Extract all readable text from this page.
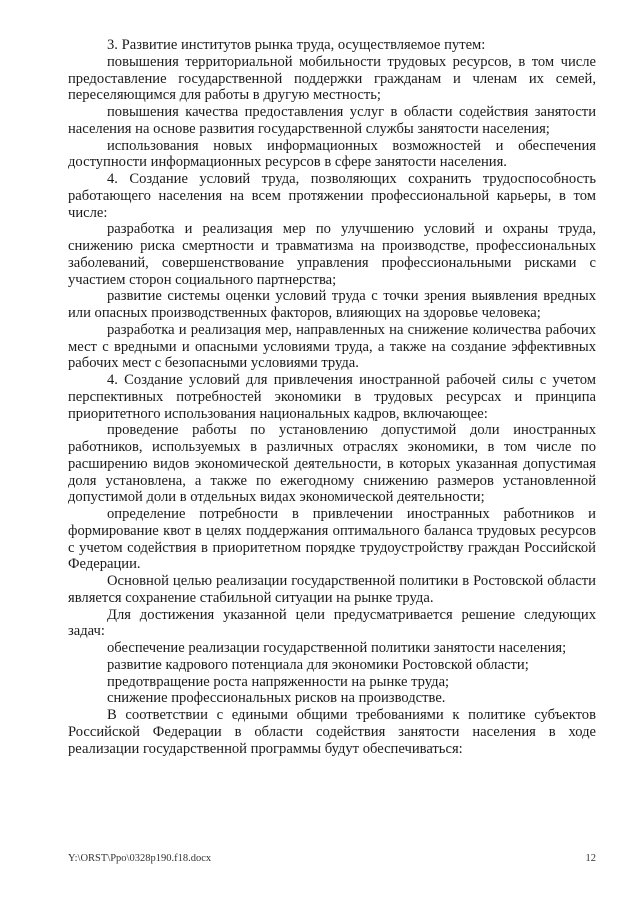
3. Развитие институтов рынка труда, осуществляемое путем:

повышения территориальной мобильности трудовых ресурсов, в том числе предоставление государственной поддержки гражданам и членам их семей, переселяющимся для работы в другую местность;

повышения качества предоставления услуг в области содействия занятости населения на основе развития государственной службы занятости населения;

использования новых информационных возможностей и обеспечения доступности информационных ресурсов в сфере занятости населения.

4. Создание условий труда, позволяющих сохранить трудоспособность работающего населения на всем протяжении профессиональной карьеры, в том числе:

разработка и реализация мер по улучшению условий и охраны труда, снижению риска смертности и травматизма на производстве, профессиональных заболеваний, совершенствование управления профессиональными рисками с участием сторон социального партнерства;

развитие системы оценки условий труда с точки зрения выявления вредных или опасных производственных факторов, влияющих на здоровье человека;

разработка и реализация мер, направленных на снижение количества рабочих мест с вредными и опасными условиями труда, а также на создание эффективных рабочих мест с безопасными условиями труда.

4. Создание условий для привлечения иностранной рабочей силы с учетом перспективных потребностей экономики в трудовых ресурсах и принципа приоритетного использования национальных кадров, включающее:

проведение работы по установлению допустимой доли иностранных работников, используемых в различных отраслях экономики, в том числе по расширению видов экономической деятельности, в которых указанная допустимая доля установлена, а также по ежегодному снижению размеров установленной допустимой доли в отдельных видах экономической деятельности;

определение потребности в привлечении иностранных работников и формирование квот в целях поддержания оптимального баланса трудовых ресурсов с учетом содействия в приоритетном порядке трудоустройству граждан Российской Федерации.

Основной целью реализации государственной политики в Ростовской области является сохранение стабильной ситуации на рынке труда.

Для достижения указанной цели предусматривается решение следующих задач:

обеспечение реализации государственной политики занятости населения;

развитие кадрового потенциала для экономики Ростовской области;

предотвращение роста напряженности на рынке труда;

снижение профессиональных рисков на производстве.

В соответствии с едиными общими требованиями к политике субъектов Российской Федерации в области содействия занятости населения в ходе реализации государственной программы будут обеспечиваться:

Y:\ORST\Ppo\0328p190.f18.docx	12
